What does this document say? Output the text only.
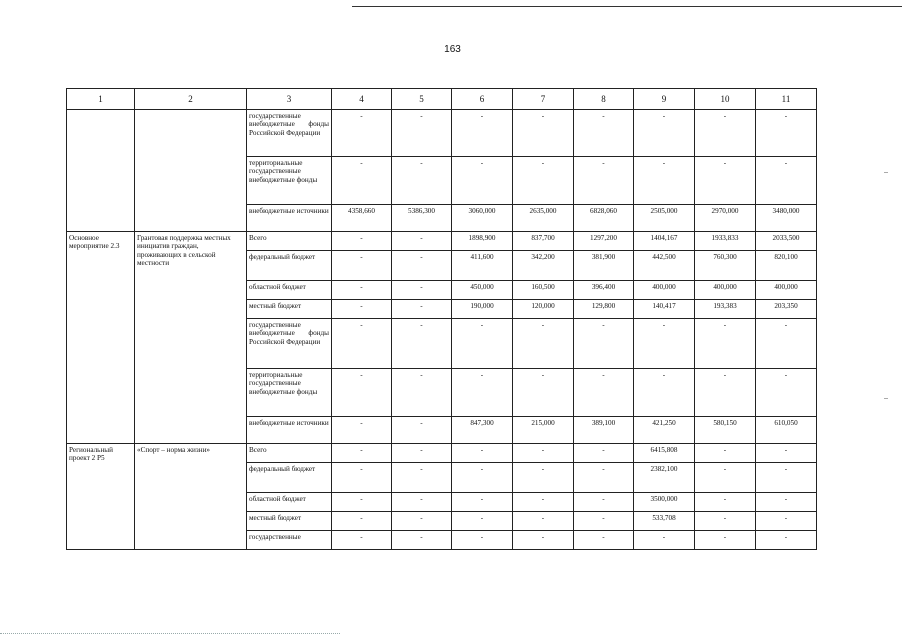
163
1	2	3	4	5	6	7	8	9	10	11
		государственные внебюджетные фонды Российской Федерации	-	-	-	-	-	-	-	-
		территориальные государственные внебюджетные фонды	-	-	-	-	-	-	-	-
		внебюджетные источники	4358,660	5386,300	3060,000	2635,000	6828,060	2505,000	2970,000	3480,000
Основное мероприятие 2.3	Грантовая поддержка местных инициатив граждан, проживающих в сельской местности	Всего	-	-	1898,900	837,700	1297,200	1404,167	1933,833	2033,500
		федеральный бюджет	-	-	411,600	342,200	381,900	442,500	760,300	820,100
		областной бюджет	-	-	450,000	160,500	396,400	400,000	400,000	400,000
		местный бюджет	-	-	190,000	120,000	129,800	140,417	193,383	203,350
		государственные внебюджетные фонды Российской Федерации	-	-	-	-	-	-	-	-
		территориальные государственные внебюджетные фонды	-	-	-	-	-	-	-	-
		внебюджетные источники	-	-	847,300	215,000	389,100	421,250	580,150	610,050
Региональный проект 2 Р5	«Спорт – норма жизни»	Всего	-	-	-	-	-	6415,808	-	-
		федеральный бюджет	-	-	-	-	-	2382,100	-	-
		областной бюджет	-	-	-	-	-	3500,000	-	-
		местный бюджет	-	-	-	-	-	533,708	-	-
		государственные	-	-	-	-	-	-	-	-
